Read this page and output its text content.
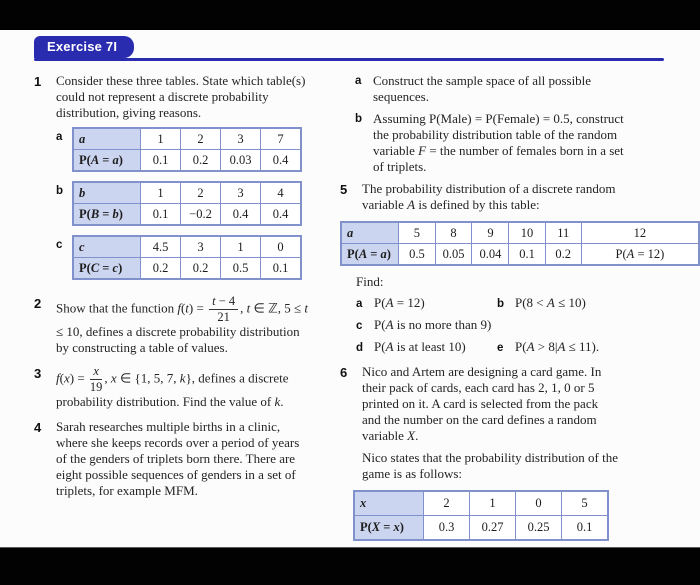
Exercise 7I
1	Consider these three tables. State which table(s) could not represent a discrete probability distribution, giving reasons.

a	a	1	2	3	7
P(A = a)	0.1	0.2	0.03	0.4
b	b	1	2	3	4
P(B = b)	0.1	−0.2	0.4	0.4
c	c	4.5	3	1	0
P(C = c)	0.2	0.2	0.5	0.1
2	Show that the function $f(t) = \frac{t - 4}{21}$ , t ∈ ℤ, 5 ≤ t ≤ 10, defines a discrete probability distribution by constructing a table of values.

3	$f(x) = \frac{x}{19}$ , x ∈ {1, 5, 7, k}, defines a discrete probability distribution. Find the value of k.

4	Sarah researches multiple births in a clinic, where she keeps records over a period of years of the genders of triplets born there. There are eight possible sequences of genders in a set of triplets, for example MFM.

a Construct the sample space of all possible sequences.

b Assuming P(Male) = P(Female) = 0.5, construct the probability distribution table of the random variable F = the number of females born in a set of triplets.

5	The probability distribution of a discrete random variable A is defined by this table:

a	5	8	9	10	11	12
P(A = a)	0.5	0.05	0.04	0.1	0.2	P(A = 12)

Find:

a P(A = 12)	b P(8 < A ≤ 10)
c P(A is no more than 9)
d P(A is at least 10)	e P(A > 8|A ≤ 11).
6	Nico and Artem are designing a card game. In their pack of cards, each card has 2, 1, 0 or 5 printed on it. A card is selected from the pack and the number on the card defines a random variable X.

Nico states that the probability distribution of the game is as follows:

x	2	1	0	5
P(X = x)	0.3	0.27	0.25	0.1
